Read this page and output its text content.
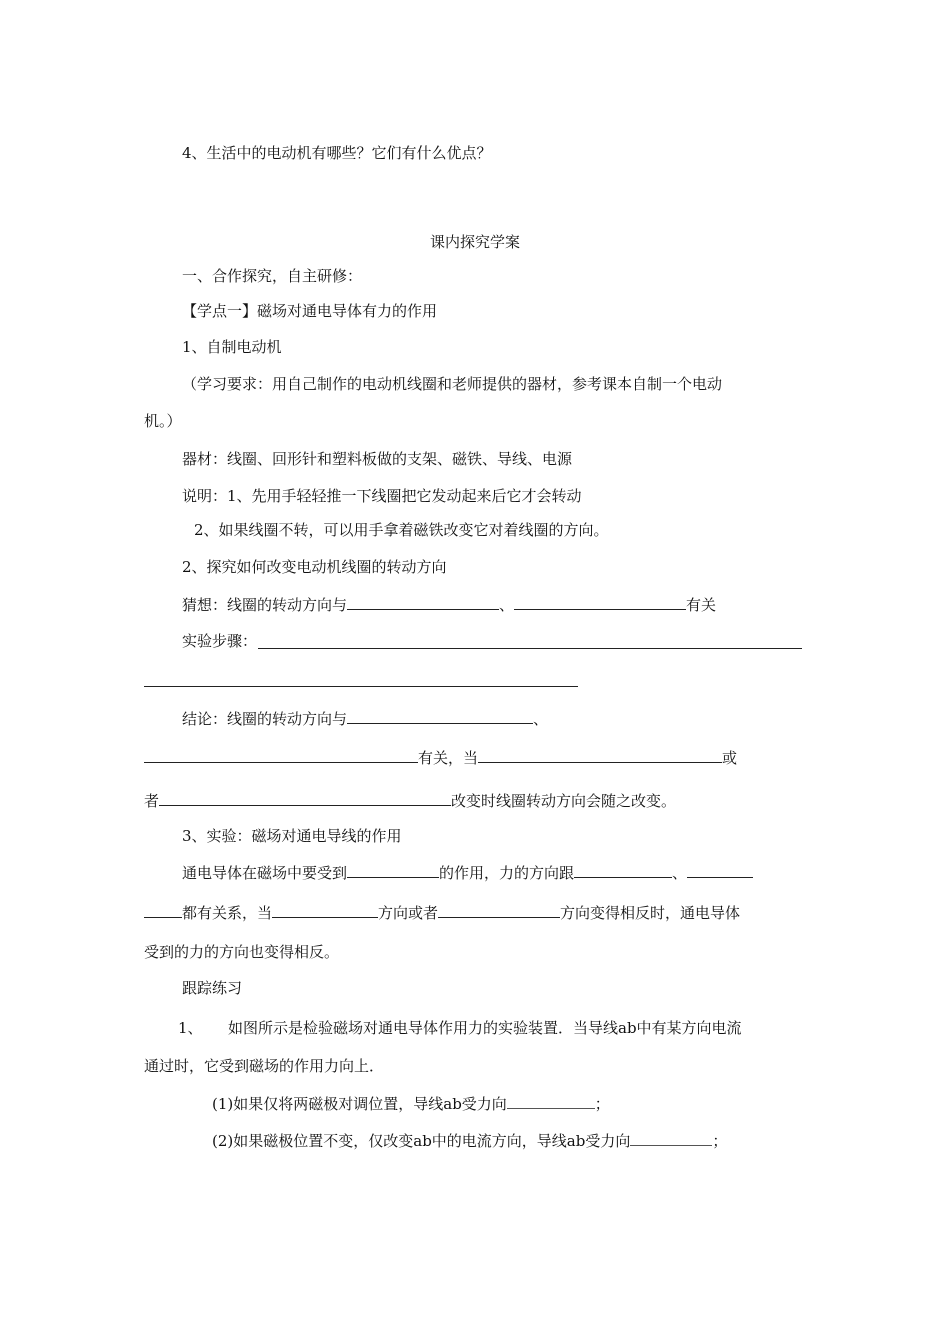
4、生活中的电动机有哪些？它们有什么优点？
课内探究学案
一、合作探究，自主研修：
【学点一】磁场对通电导体有力的作用
1、自制电动机
（学习要求：用自己制作的电动机线圈和老师提供的器材，参考课本自制一个电动
机。）
器材：线圈、回形针和塑料板做的支架、磁铁、导线、电源
说明：1、先用手轻轻推一下线圈把它发动起来后它才会转动
2、如果线圈不转，可以用手拿着磁铁改变它对着线圈的方向。
2、探究如何改变电动机线圈的转动方向
猜想：线圈的转动方向与	、	有关
实验步骤：
结论：线圈的转动方向与	、
有关，当	或
者	改变时线圈转动方向会随之改变。
3、实验：磁场对通电导线的作用
通电导体在磁场中要受到	的作用，力的方向跟	、
都有关系，当	方向或者	方向变得相反时，通电导体
受到的力的方向也变得相反。
跟踪练习
1、 如图所示是检验磁场对通电导体作用力的实验装置．当导线ab中有某方向电流
通过时，它受到磁场的作用力向上．
(1)如果仅将两磁极对调位置，导线ab受力向	；
(2)如果磁极位置不变，仅改变ab中的电流方向，导线ab受力向	；
